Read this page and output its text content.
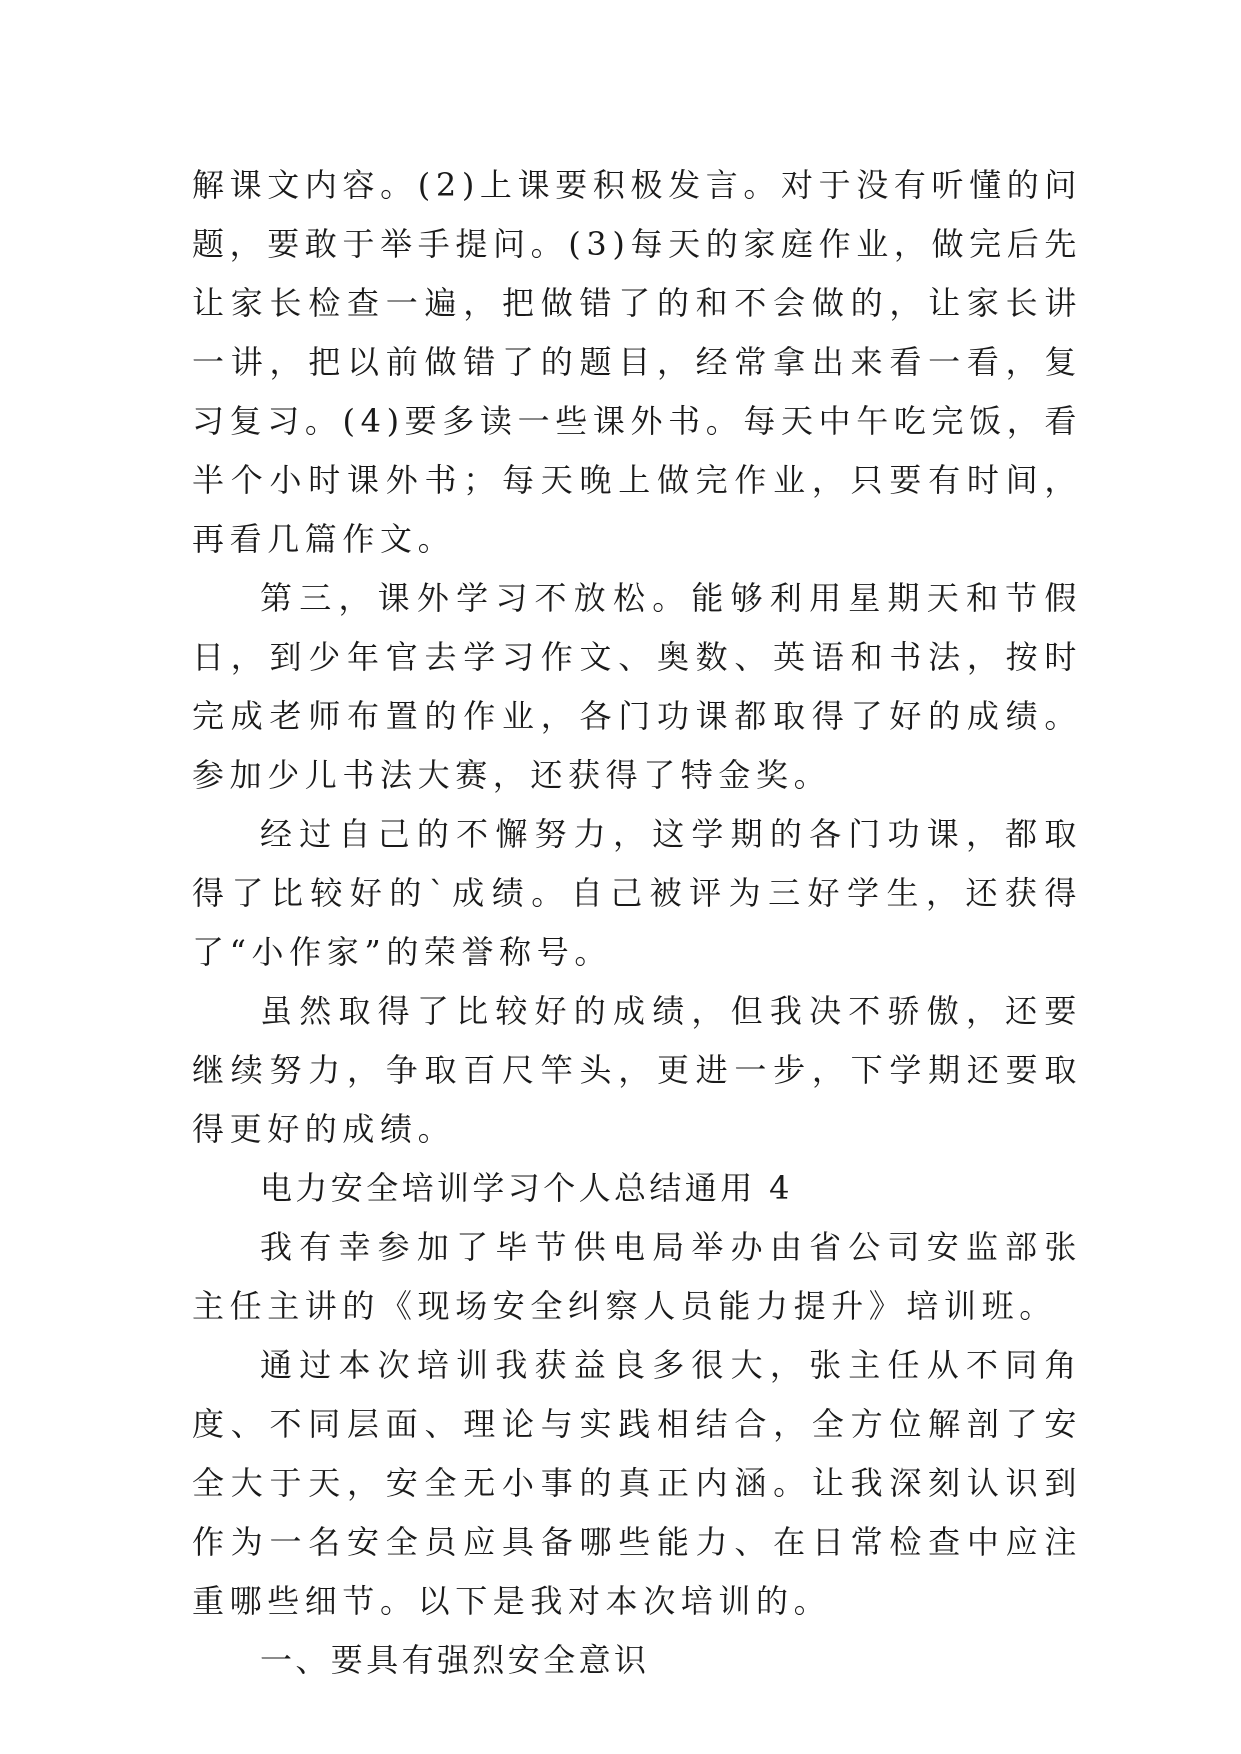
解课文内容。(2)上课要积极发言。对于没有听懂的问题，要敢于举手提问。(3)每天的家庭作业，做完后先让家长检查一遍，把做错了的和不会做的，让家长讲一讲，把以前做错了的题目，经常拿出来看一看，复习复习。(4)要多读一些课外书。每天中午吃完饭，看半个小时课外书；每天晚上做完作业，只要有时间，再看几篇作文。

第三，课外学习不放松。能够利用星期天和节假日，到少年官去学习作文、奥数、英语和书法，按时完成老师布置的作业，各门功课都取得了好的成绩。参加少儿书法大赛，还获得了特金奖。

经过自己的不懈努力，这学期的各门功课，都取得了比较好的`成绩。自己被评为三好学生，还获得了“小作家”的荣誉称号。

虽然取得了比较好的成绩，但我决不骄傲，还要继续努力，争取百尺竿头，更进一步，下学期还要取得更好的成绩。

电力安全培训学习个人总结通用 4

我有幸参加了毕节供电局举办由省公司安监部张主任主讲的《现场安全纠察人员能力提升》培训班。

通过本次培训我获益良多很大，张主任从不同角度、不同层面、理论与实践相结合，全方位解剖了安全大于天，安全无小事的真正内涵。让我深刻认识到作为一名安全员应具备哪些能力、在日常检查中应注重哪些细节。以下是我对本次培训的。

一、要具有强烈安全意识
